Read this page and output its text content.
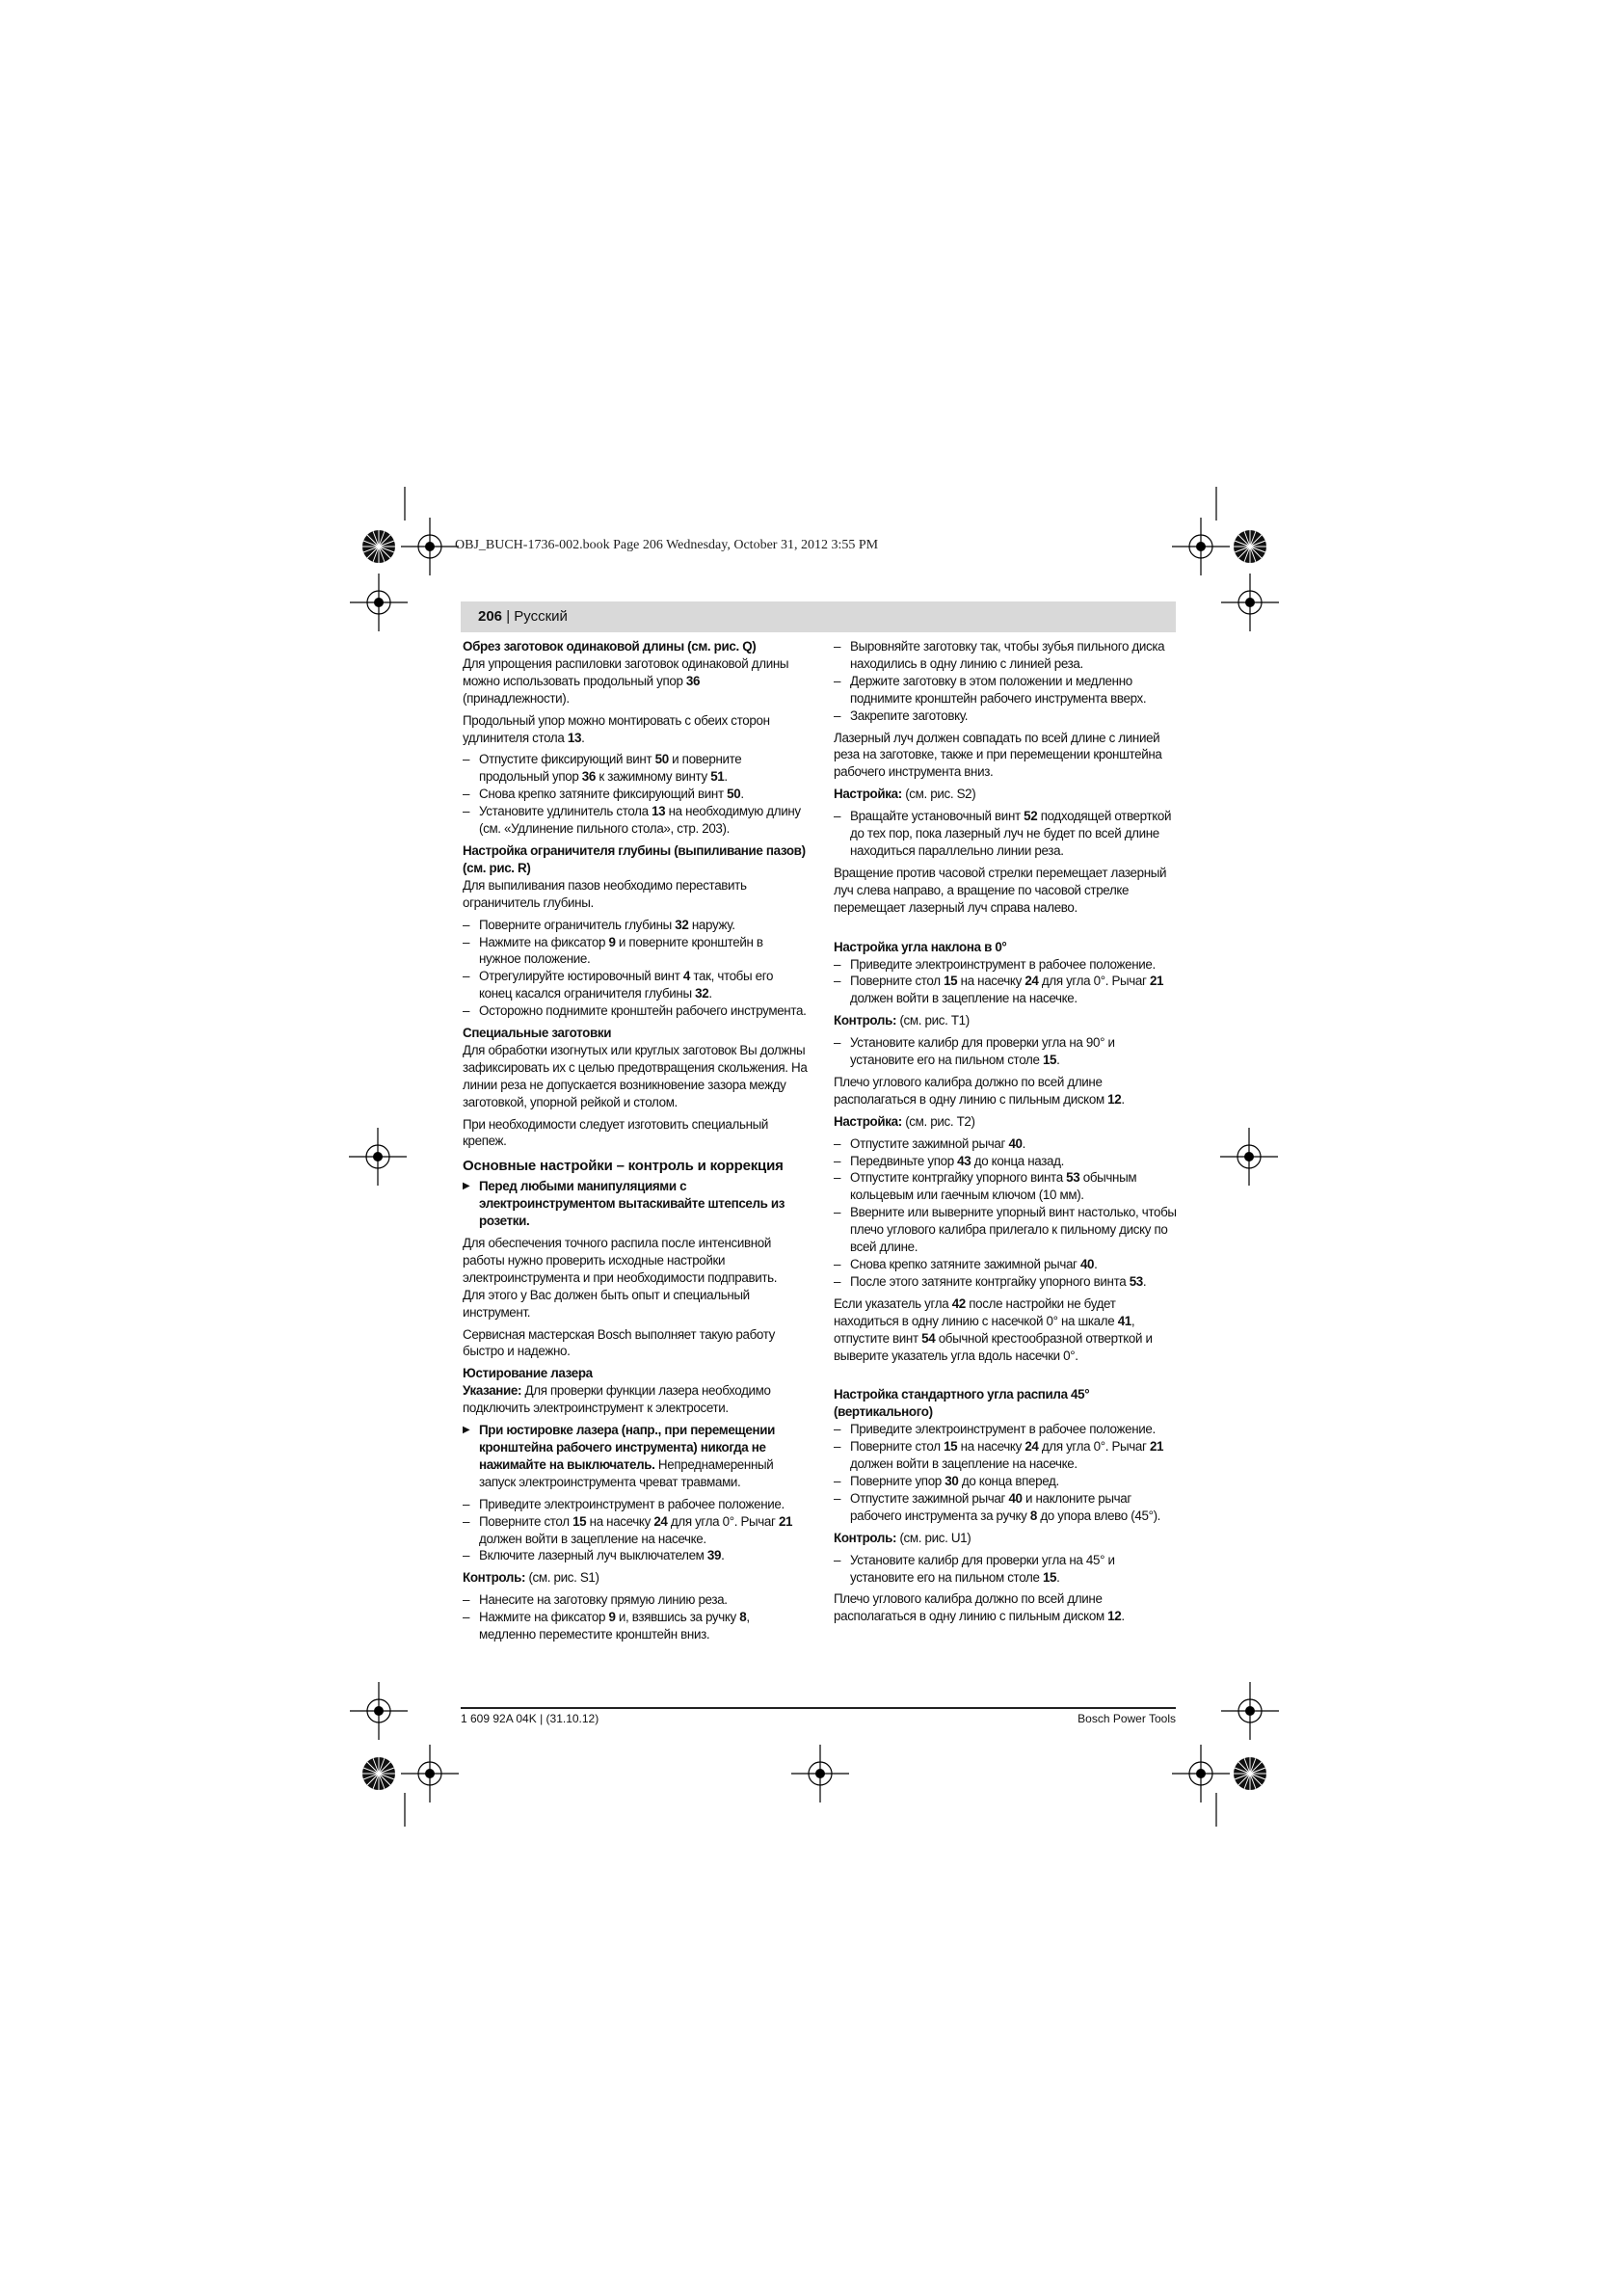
OBJ_BUCH-1736-002.book Page 206 Wednesday, October 31, 2012 3:55 PM
206 | Русский
Обрез заготовок одинаковой длины (см. рис. Q)

Для упрощения распиловки заготовок одинаковой длины можно использовать продольный упор 36 (принадлежности).

Продольный упор можно монтировать с обеих сторон удлинителя стола 13.

– Отпустите фиксирующий винт 50 и поверните продольный упор 36 к зажимному винту 51.
– Снова крепко затяните фиксирующий винт 50.
– Установите удлинитель стола 13 на необходимую длину (см. «Удлинение пильного стола», стр. 203).
Настройка ограничителя глубины (выпиливание пазов) (см. рис. R)

Для выпиливания пазов необходимо переставить ограничитель глубины.

– Поверните ограничитель глубины 32 наружу.
– Нажмите на фиксатор 9 и поверните кронштейн в нужное положение.
– Отрегулируйте юстировочный винт 4 так, чтобы его конец касался ограничителя глубины 32.
– Осторожно поднимите кронштейн рабочего инструмента.
Специальные заготовки

Для обработки изогнутых или круглых заготовок Вы должны зафиксировать их с целью предотвращения скольжения. На линии реза не допускается возникновение зазора между заготовкой, упорной рейкой и столом.

При необходимости следует изготовить специальный крепеж.

Основные настройки – контроль и коррекция

▶ Перед любыми манипуляциями с электроинструментом вытаскивайте штепсель из розетки.

Для обеспечения точного распила после интенсивной работы нужно проверить исходные настройки электроинструмента и при необходимости подправить.
Для этого у Вас должен быть опыт и специальный инструмент.

Сервисная мастерская Bosch выполняет такую работу быстро и надежно.

Юстирование лазера

Указание: Для проверки функции лазера необходимо подключить электроинструмент к электросети.

▶ При юстировке лазера (напр., при перемещении кронштейна рабочего инструмента) никогда не нажимайте на выключатель. Непреднамеренный запуск электроинструмента чреват травмами.

– Приведите электроинструмент в рабочее положение.
– Поверните стол 15 на насечку 24 для угла 0°. Рычаг 21 должен войти в зацепление на насечке.
– Включите лазерный луч выключателем 39.

Контроль: (см. рис. S1)

– Нанесите на заготовку прямую линию реза.
– Нажмите на фиксатор 9 и, взявшись за ручку 8, медленно переместите кронштейн вниз.
– Выровняйте заготовку так, чтобы зубья пильного диска находились в одну линию с линией реза.
– Держите заготовку в этом положении и медленно поднимите кронштейн рабочего инструмента вверх.
– Закрепите заготовку.

Лазерный луч должен совпадать по всей длине с линией реза на заготовке, также и при перемещении кронштейна рабочего инструмента вниз.

Настройка: (см. рис. S2)

– Вращайте установочный винт 52 подходящей отверткой до тех пор, пока лазерный луч не будет по всей длине находиться параллельно линии реза.

Вращение против часовой стрелки перемещает лазерный луч слева направо, а вращение по часовой стрелке перемещает лазерный луч справа налево.

Настройка угла наклона в 0°
– Приведите электроинструмент в рабочее положение.
– Поверните стол 15 на насечку 24 для угла 0°. Рычаг 21 должен войти в зацепление на насечке.

Контроль: (см. рис. T1)

– Установите калибр для проверки угла на 90° и установите его на пильном столе 15.

Плечо углового калибра должно по всей длине располагаться в одну линию с пильным диском 12.

Настройка: (см. рис. T2)

– Отпустите зажимной рычаг 40.
– Передвиньте упор 43 до конца назад.
– Отпустите контргайку упорного винта 53 обычным кольцевым или гаечным ключом (10 мм).
– Вверните или выверните упорный винт настолько, чтобы плечо углового калибра прилегало к пильному диску по всей длине.
– Снова крепко затяните зажимной рычаг 40.
– После этого затяните контргайку упорного винта 53.

Если указатель угла 42 после настройки не будет находиться в одну линию с насечкой 0° на шкале 41, отпустите винт 54 обычной крестообразной отверткой и выверите указатель угла вдоль насечки 0°.

Настройка стандартного угла распила 45° (вертикального)
– Приведите электроинструмент в рабочее положение.
– Поверните стол 15 на насечку 24 для угла 0°. Рычаг 21 должен войти в зацепление на насечке.
– Поверните упор 30 до конца вперед.
– Отпустите зажимной рычаг 40 и наклоните рычаг рабочего инструмента за ручку 8 до упора влево (45°).

Контроль: (см. рис. U1)

– Установите калибр для проверки угла на 45° и установите его на пильном столе 15.

Плечо углового калибра должно по всей длине располагаться в одну линию с пильным диском 12.

1 609 92A 04K | (31.10.12)	Bosch Power Tools
